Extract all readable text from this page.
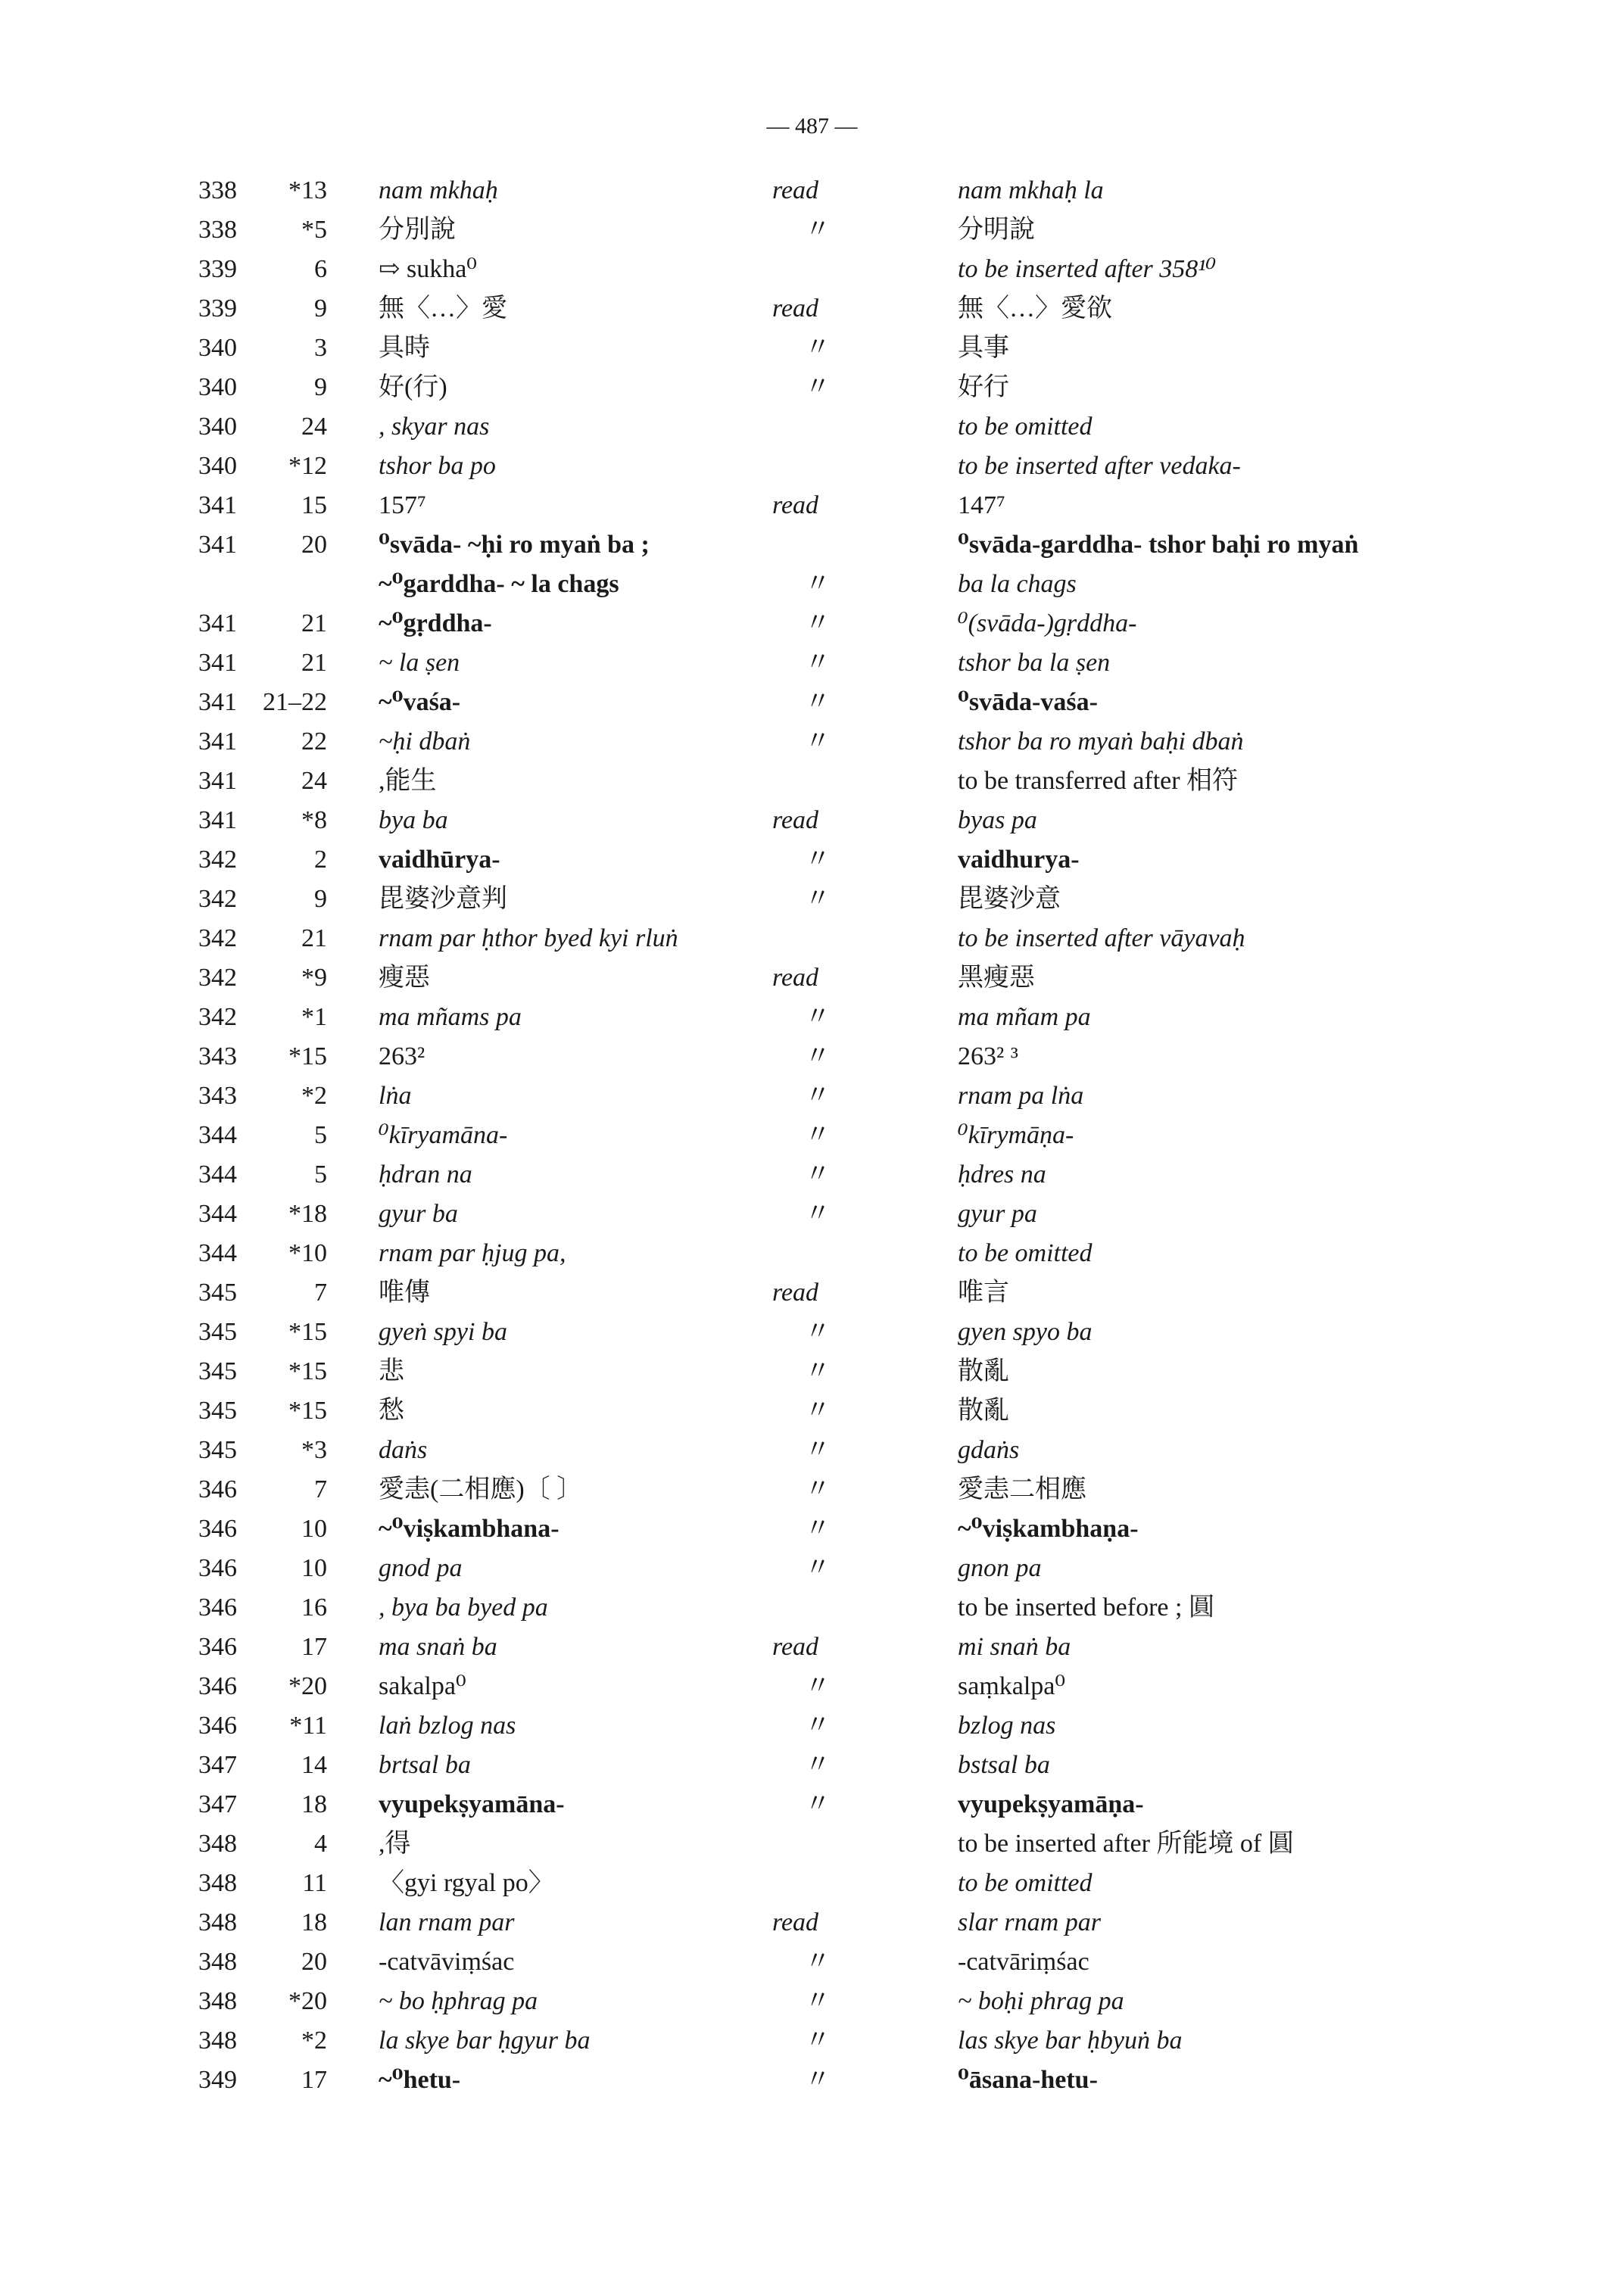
— 487 —
338	*13 nam mkhaḥ	read	nam mkhaḥ la
338	*5 分別說	〃	分明說
339	6 ⇨ sukha⁰	to be inserted after 358¹⁰
339	9 無〈…〉愛	read	無〈…〉愛欲
340	3 具時	〃	具事
340	9 好(行)	〃	好行
340	24 , skyar nas	to be omitted
340	*12 tshor ba po	to be inserted after vedaka-
341	15 157⁷	read	147⁷
341	20 ⁰svāda- ~ḥi ro myaṅ ba ;	⁰svāda-garddha- tshor baḥi ro myaṅ
~⁰garddha- ~ la chags	〃	ba la chags
341	21 ~⁰gṛddha-	〃	⁰(svāda-)gṛddha-
341	21 ~ la ṣen	〃	tshor ba la ṣen
341	21–22 ~⁰vaśa-	〃	⁰svāda-vaśa-
341	22 ~ḥi dbaṅ	〃	tshor ba ro myaṅ baḥi dbaṅ
341	24 ,能生	to be transferred after 相符
341	*8 bya ba	read	byas pa
342	2 vaidhūrya-	〃	vaidhurya-
342	9 毘婆沙意判	〃	毘婆沙意
342	21 rnam par ḥthor byed kyi rluṅ	to be inserted after vāyavaḥ
342	*9 瘦惡	read	黑瘦惡
342	*1 ma mñams pa	〃	ma mñam pa
343	*15 263²	〃	263² ³
343	*2 lṅa	〃	rnam pa lṅa
344	5 ⁰kīryamāna-	〃	⁰kīrymāṇa-
344	5 ḥdran na	〃	ḥdres na
344	*18 gyur ba	〃	gyur pa
344	*10 rnam par ḥjug pa,	to be omitted
345	7 唯傳	read	唯言
345	*15 gyeṅ spyi ba	〃	gyen spyo ba
345	*15 悲	〃	散亂
345	*15 愁	〃	散亂
345	*3 daṅs	〃	gdaṅs
346	7 愛恚(二相應)〔 〕	〃	愛恚二相應
346	10 ~⁰viṣkambhana-	〃	~⁰viṣkambhaṇa-
346	10 gnod pa	〃	gnon pa
346	16 , bya ba byed pa	to be inserted before ; 圓
346	17 ma snaṅ ba	read	mi snaṅ ba
346	*20 sakalpa⁰	〃	saṃkalpa⁰
346	*11 laṅ bzlog nas	〃	bzlog nas
347	14 brtsal ba	〃	bstsal ba
347	18 vyupekṣyamāna-	〃	vyupekṣyamāṇa-
348	4 ,得	to be inserted after 所能境 of 圓
348	11 〈gyi rgyal po〉	to be omitted
348	18 lan rnam par	read	slar rnam par
348	20 -catvāviṃśac	〃	-catvāriṃśac
348	*20 ~ bo ḥphrag pa	〃	~ boḥi phrag pa
348	*2 la skye bar ḥgyur ba	〃	las skye bar ḥbyuṅ ba
349	17 ~⁰hetu-	〃	⁰āsana-hetu-
